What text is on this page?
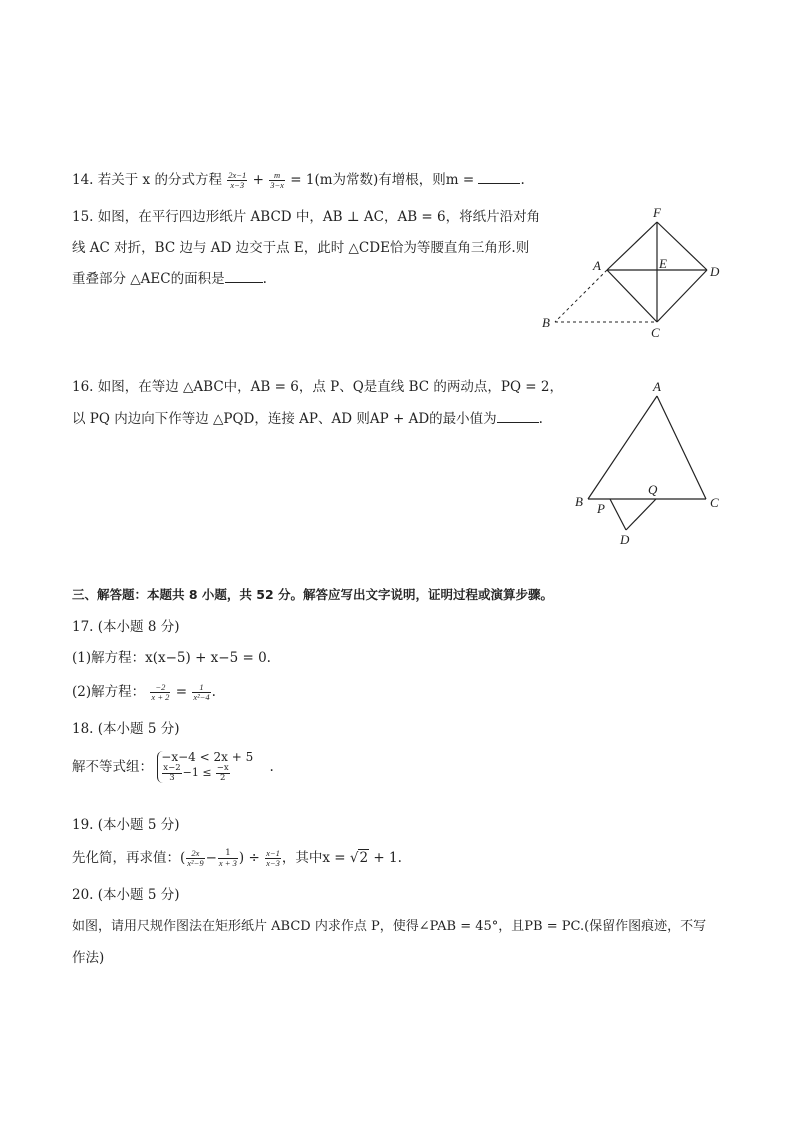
14. 若关于 x 的分式方程 $\frac{2x-1}{x-3} + \frac{m}{3-x} = 1(m$为常数)有增根，则m =	.
15. 如图，在平行四边形纸片 ABCD 中，AB ⊥ AC，AB = 6，将纸片沿对角
线 AC 对折，BC 边与 AD 边交于点 E，此时 △CDE恰为等腰直角三角形.则
重叠部分 △AEC的面积是	.
F
A	E
D
B
C
16. 如图，在等边 △ABC中，AB = 6，点 P、Q是直线 BC 的两动点，PQ = 2，
以 PQ 内边向下作等边 △PQD，连接 AP、AD 则AP + AD的最小值为	.
A
B	C
P
Q
D
三、解答题：本题共 8 小题，共 52 分。解答应写出文字说明，证明过程或演算步骤。
17. (本小题 8 分)
(1)解方程：x(x−5) + x−5 = 0.
(2)解方程： $\frac{-2}{x + 2} = \frac{1}{\text{x²−4}}$ .
18. (本小题 5 分)
解不等式组：
−x−4 < 2x + 5
$\frac{x-2}{3} -1 \le \frac{-x}{2}$	.
19. (本小题 5 分)
先化简，再求值：( $\frac{2x}{\text{x²−9}} - \frac{1}{x + 3}$ ) ÷ $\frac{x-1}{x-3}$ ，其中x = √2 + 1.
20. (本小题 5 分)
如图，请用尺规作图法在矩形纸片 ABCD 内求作点 P，使得∠PAB = 45°，且PB = PC.(保留作图痕迹，不写
作法)
